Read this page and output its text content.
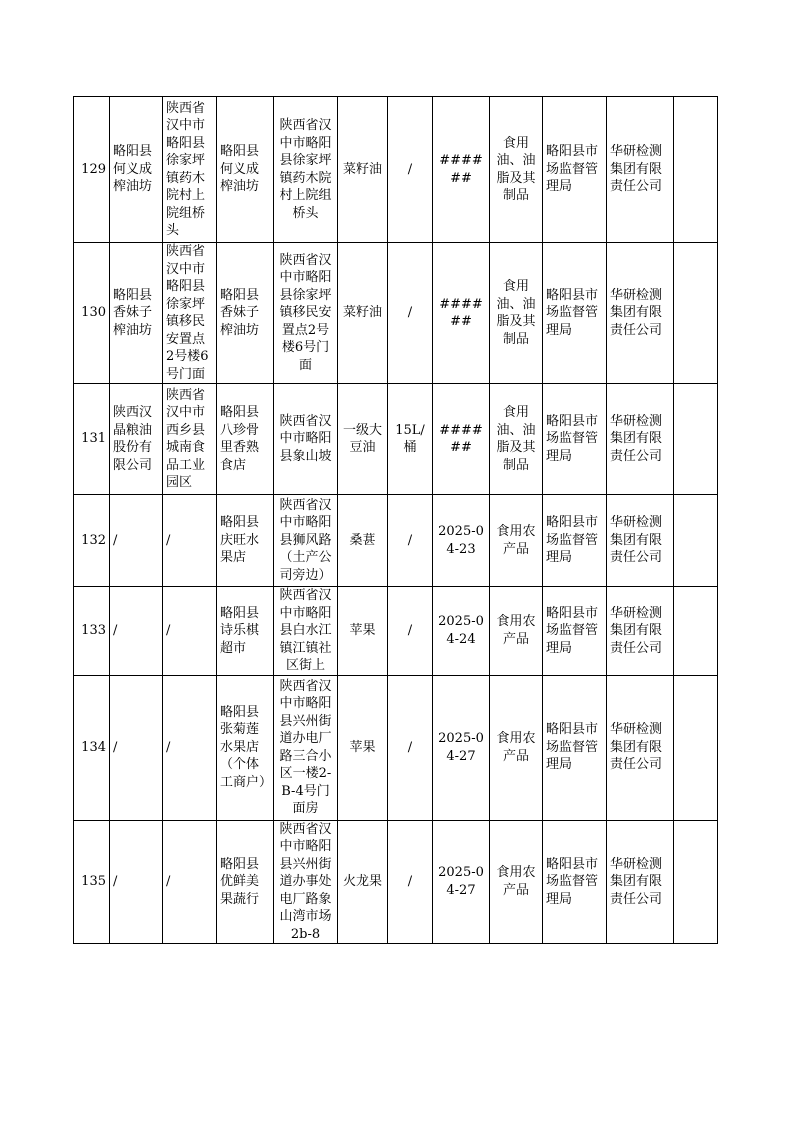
129	略阳县何义成榨油坊	陕西省汉中市略阳县徐家坪镇药木院村上院组桥头	略阳县何义成榨油坊	陕西省汉中市略阳县徐家坪镇药木院村上院组桥头	菜籽油	/	######	食用油、油脂及其制品	略阳县市场监督管理局	华研检测集团有限责任公司	
130	略阳县香妹子榨油坊	陕西省汉中市略阳县徐家坪镇移民安置点2号楼6号门面	略阳县香妹子榨油坊	陕西省汉中市略阳县徐家坪镇移民安置点2号楼6号门面	菜籽油	/	######	食用油、油脂及其制品	略阳县市场监督管理局	华研检测集团有限责任公司	
131	陕西汉晶粮油股份有限公司	陕西省汉中市西乡县城南食品工业园区	略阳县八珍骨里香熟食店	陕西省汉中市略阳县象山坡	一级大豆油	15L/桶	######	食用油、油脂及其制品	略阳县市场监督管理局	华研检测集团有限责任公司	
132	/	/	略阳县庆旺水果店	陕西省汉中市略阳县狮风路（土产公司旁边）	桑葚	/	2025-04-23	食用农产品	略阳县市场监督管理局	华研检测集团有限责任公司	
133	/	/	略阳县诗乐棋超市	陕西省汉中市略阳县白水江镇江镇社区街上	苹果	/	2025-04-24	食用农产品	略阳县市场监督管理局	华研检测集团有限责任公司	
134	/	/	略阳县张菊莲水果店（个体工商户）	陕西省汉中市略阳县兴州街道办电厂路三合小区一楼2-B-4号门面房	苹果	/	2025-04-27	食用农产品	略阳县市场监督管理局	华研检测集团有限责任公司	
135	/	/	略阳县优鲜美果蔬行	陕西省汉中市略阳县兴州街道办事处电厂路象山湾市场2b-8	火龙果	/	2025-04-27	食用农产品	略阳县市场监督管理局	华研检测集团有限责任公司	
